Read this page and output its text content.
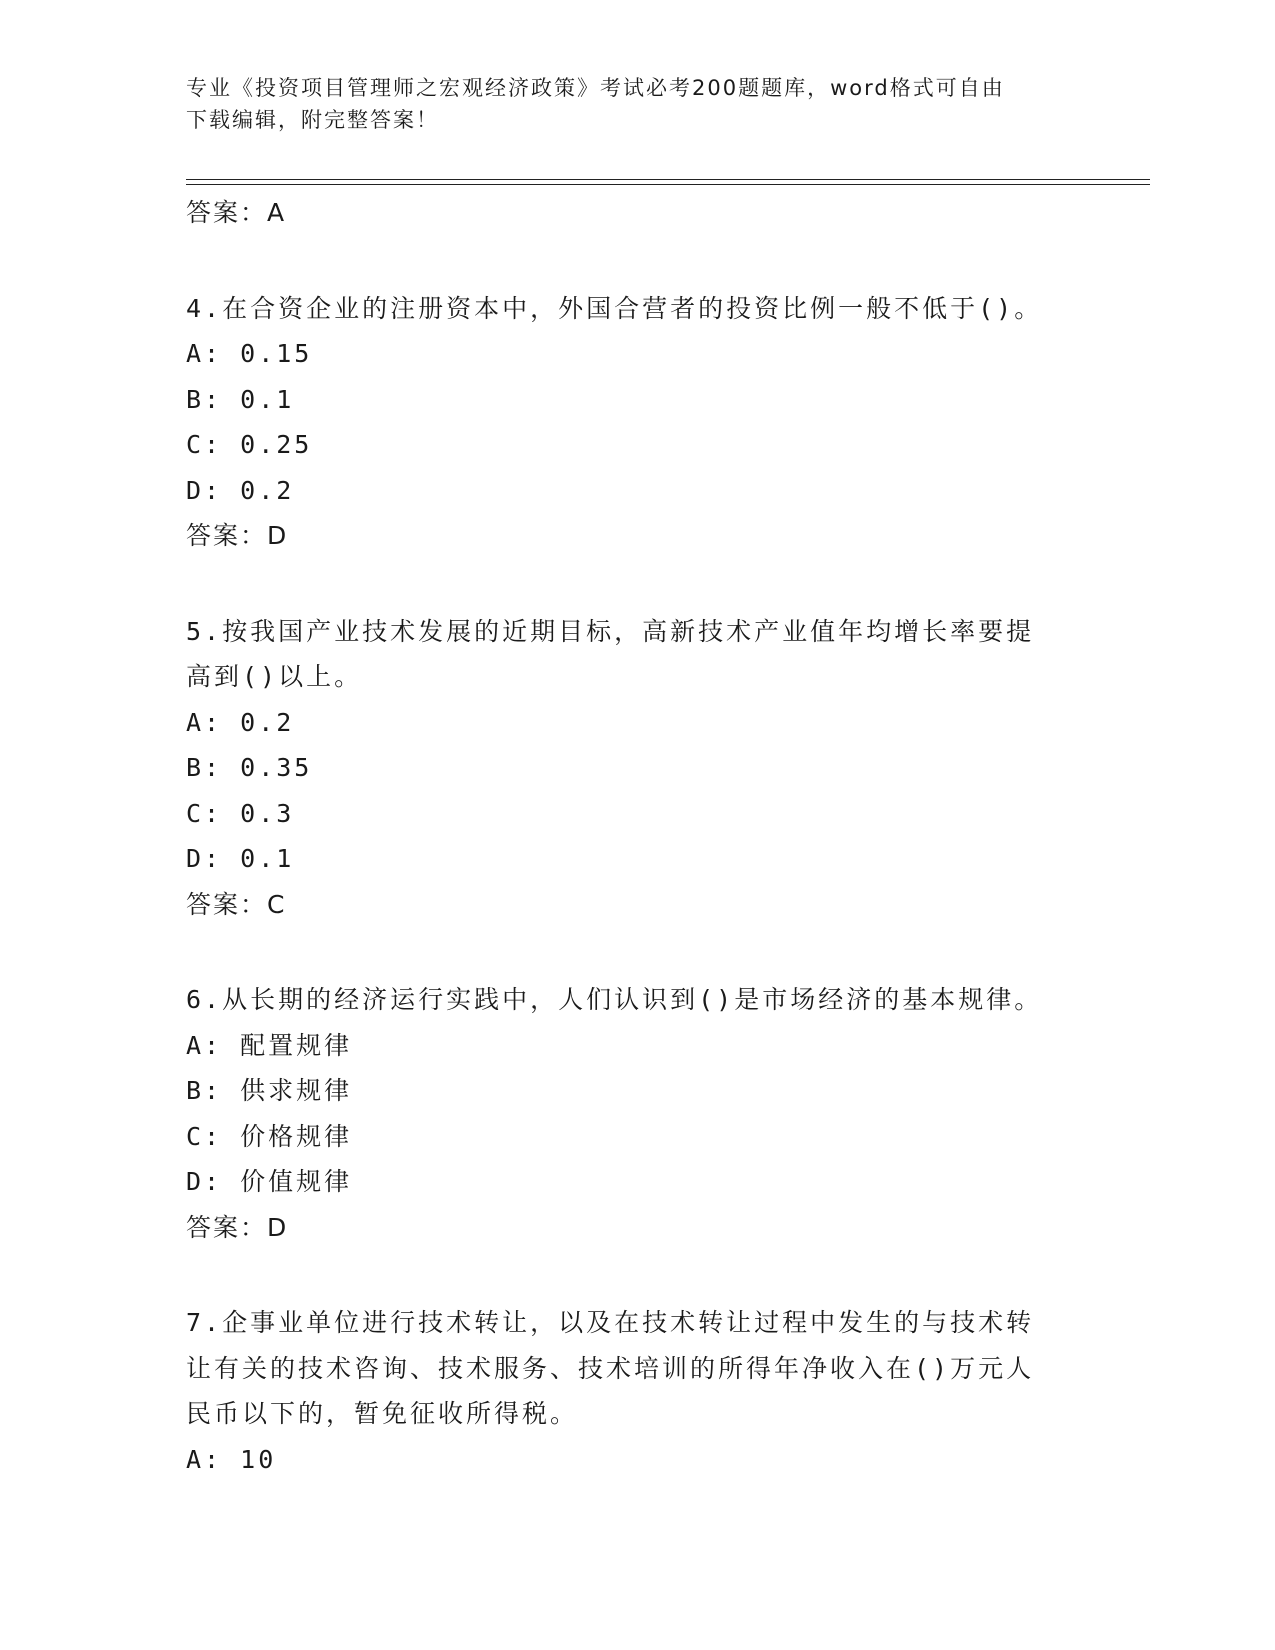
专业《投资项目管理师之宏观经济政策》考试必考200题题库，word格式可自由
下载编辑，附完整答案！
答案：A
4.在合资企业的注册资本中，外国合营者的投资比例一般不低于()。
A: 0.15
B: 0.1
C: 0.25
D: 0.2
答案：D
5.按我国产业技术发展的近期目标，高新技术产业值年均增长率要提
高到()以上。
A: 0.2
B: 0.35
C: 0.3
D: 0.1
答案：C
6.从长期的经济运行实践中，人们认识到()是市场经济的基本规律。
A: 配置规律
B: 供求规律
C: 价格规律
D: 价值规律
答案：D
7.企事业单位进行技术转让，以及在技术转让过程中发生的与技术转
让有关的技术咨询、技术服务、技术培训的所得年净收入在()万元人
民币以下的，暂免征收所得税。
A: 10
